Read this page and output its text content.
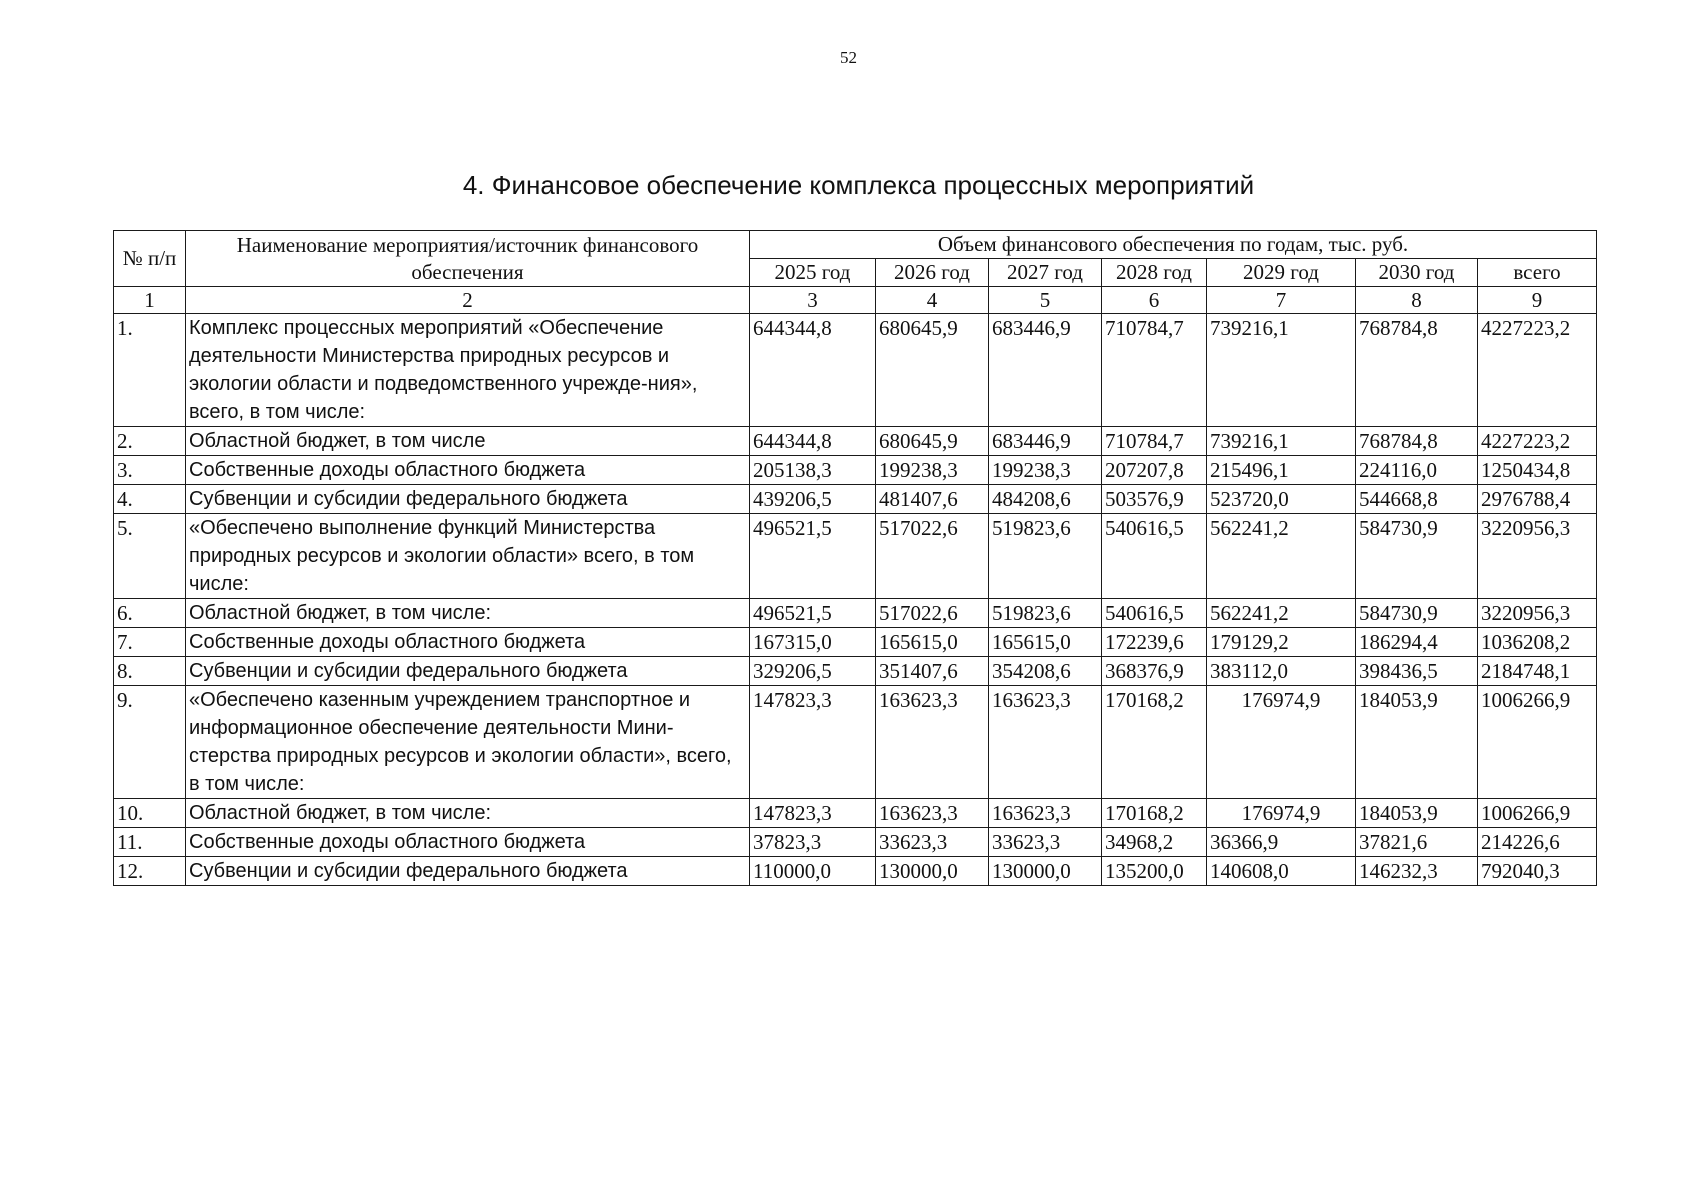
52
4. Финансовое обеспечение комплекса процессных мероприятий
№ п/п	Наименование мероприятия/источник финансового обеспечения	Объем финансового обеспечения по годам, тыс. руб.						
		2025 год	2026 год	2027 год	2028 год	2029 год	2030 год	всего
1	2	3	4	5	6	7	8	9
1.	Комплекс процессных мероприятий «Обеспечение деятельности Министерства природных ресурсов и экологии области и подведомственного учрежде-ния», всего, в том числе:	644344,8	680645,9	683446,9	710784,7	739216,1	768784,8	4227223,2
2.	Областной бюджет, в том числе	644344,8	680645,9	683446,9	710784,7	739216,1	768784,8	4227223,2
3.	Собственные доходы областного бюджета	205138,3	199238,3	199238,3	207207,8	215496,1	224116,0	1250434,8
4.	Субвенции и субсидии федерального бюджета	439206,5	481407,6	484208,6	503576,9	523720,0	544668,8	2976788,4
5.	«Обеспечено выполнение функций Министерства природных ресурсов и экологии области» всего, в том числе:	496521,5	517022,6	519823,6	540616,5	562241,2	584730,9	3220956,3
6.	Областной бюджет, в том числе:	496521,5	517022,6	519823,6	540616,5	562241,2	584730,9	3220956,3
7.	Собственные доходы областного бюджета	167315,0	165615,0	165615,0	172239,6	179129,2	186294,4	1036208,2
8.	Субвенции и субсидии федерального бюджета	329206,5	351407,6	354208,6	368376,9	383112,0	398436,5	2184748,1
9.	«Обеспечено казенным учреждением транспортное и информационное обеспечение деятельности Мини-стерства природных ресурсов и экологии области», всего, в том числе:	147823,3	163623,3	163623,3	170168,2	176974,9	184053,9	1006266,9
10.	Областной бюджет, в том числе:	147823,3	163623,3	163623,3	170168,2	176974,9	184053,9	1006266,9
11.	Собственные доходы областного бюджета	37823,3	33623,3	33623,3	34968,2	36366,9	37821,6	214226,6
12.	Субвенции и субсидии федерального бюджета	110000,0	130000,0	130000,0	135200,0	140608,0	146232,3	792040,3
